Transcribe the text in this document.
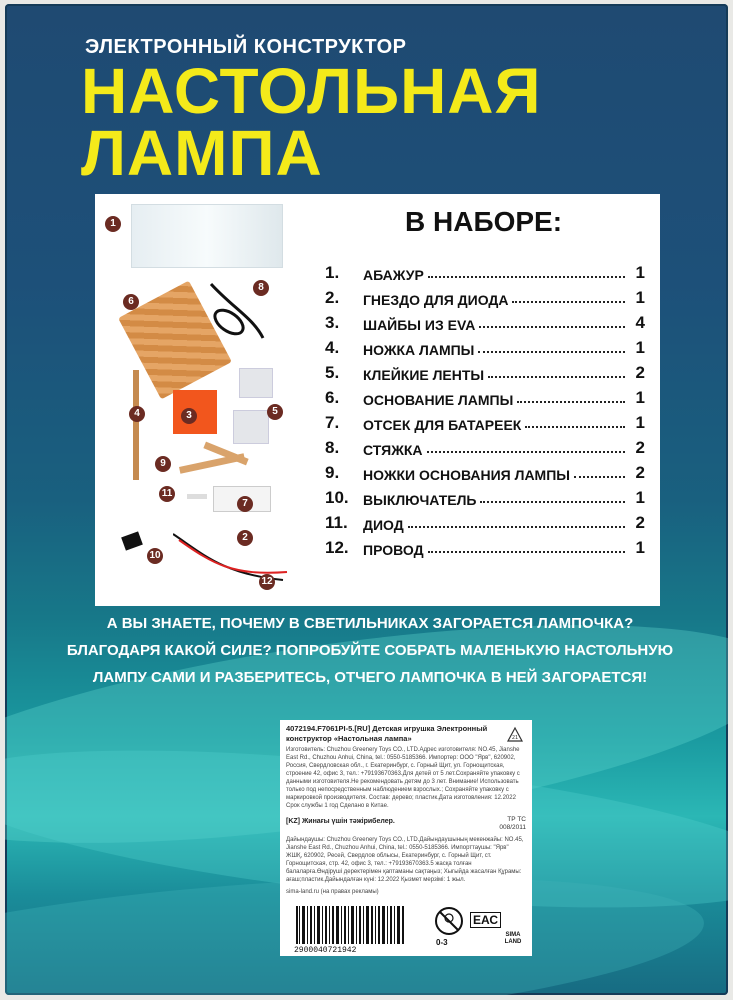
ЭЛЕКТРОННЫЙ КОНСТРУКТОР
НАСТОЛЬНАЯ
ЛАМПА
1
2
3
4	5
6
7
8
9
10
11
12
В НАБОРЕ:
1.	АБАЖУР	1
2.	ГНЕЗДО ДЛЯ ДИОДА	1
3.	ШАЙБЫ ИЗ EVA	4
4.	НОЖКА ЛАМПЫ	1
5.	КЛЕЙКИЕ ЛЕНТЫ	2
6.	ОСНОВАНИЕ ЛАМПЫ	1
7.	ОТСЕК ДЛЯ БАТАРЕЕК	1
8.	СТЯЖКА	2
9.	НОЖКИ ОСНОВАНИЯ ЛАМПЫ	2
10.	ВЫКЛЮЧАТЕЛЬ	1
11.	ДИОД	2
12.	ПРОВОД	1
А ВЫ ЗНАЕТЕ, ПОЧЕМУ В СВЕТИЛЬНИКАХ ЗАГОРАЕТСЯ ЛАМПОЧКА? БЛАГОДАРЯ КАКОЙ СИЛЕ? ПОПРОБУЙТЕ СОБРАТЬ МАЛЕНЬКУЮ НАСТОЛЬНУЮ ЛАМПУ САМИ И РАЗБЕРИТЕСЬ, ОТЧЕГО ЛАМПОЧКА В НЕЙ ЗАГОРАЕТСЯ!
4072194.F7061PI-5.[RU] Детская игрушка Электронный конструктор «Настольная лампа»	21
Изготовитель: Chuzhou Greenery Toys CO., LTD.Адрес изготовителя: NO.45, Jianshe East Rd., Chuzhou Anhui, China, tel.: 0550-5185366. Импортер: ООО "Ярв", 620902, Россия, Свердловская обл., г. Екатеринбург, с. Горный Щит, ул. Горнощитская, строение 42, офис 3, тел.: +79193670363.Для детей от 5 лет.Сохраняйте упаковку с данными изготовителя.Не рекомендовать детям до 3 лет. Внимание! Использовать только под непосредственным наблюдением взрослых.; Сохраняйте упаковку с маркировкой производителя. Состав: дерево; пластик.Дата изготовления: 12.2022 Срок службы 1 год Сделано в Китае.
[KZ] Жинағы үшін тәжірибелер.	ТР ТС 008/2011
Дайындаушы: Chuzhou Greenery Toys CO., LTD.Дайындаушының мекенжайы: NO.45, Jianshe East Rd., Chuzhou Anhui, China, tel.: 0550-5185366. Импорттаушы: "Ярв" ЖШҚ, 620902, Ресей, Свердлов облысы, Екатеринбург, с. Горный Щит, ст. Горнощитская, стр. 42, офис 3, тел.: +79193670363.5 жасқа толған балаларға.Өндіруші деректерімен қаптаманы сақтаңыз; Хыгыйда жасалған Құрамы: ағаш;пластик.Дайындалған күні: 12.2022 Қызмет мерзімі: 1 жыл.
sima-land.ru (на правах рекламы)
2900040721942
0-3
ЕАС
SIMA LAND
